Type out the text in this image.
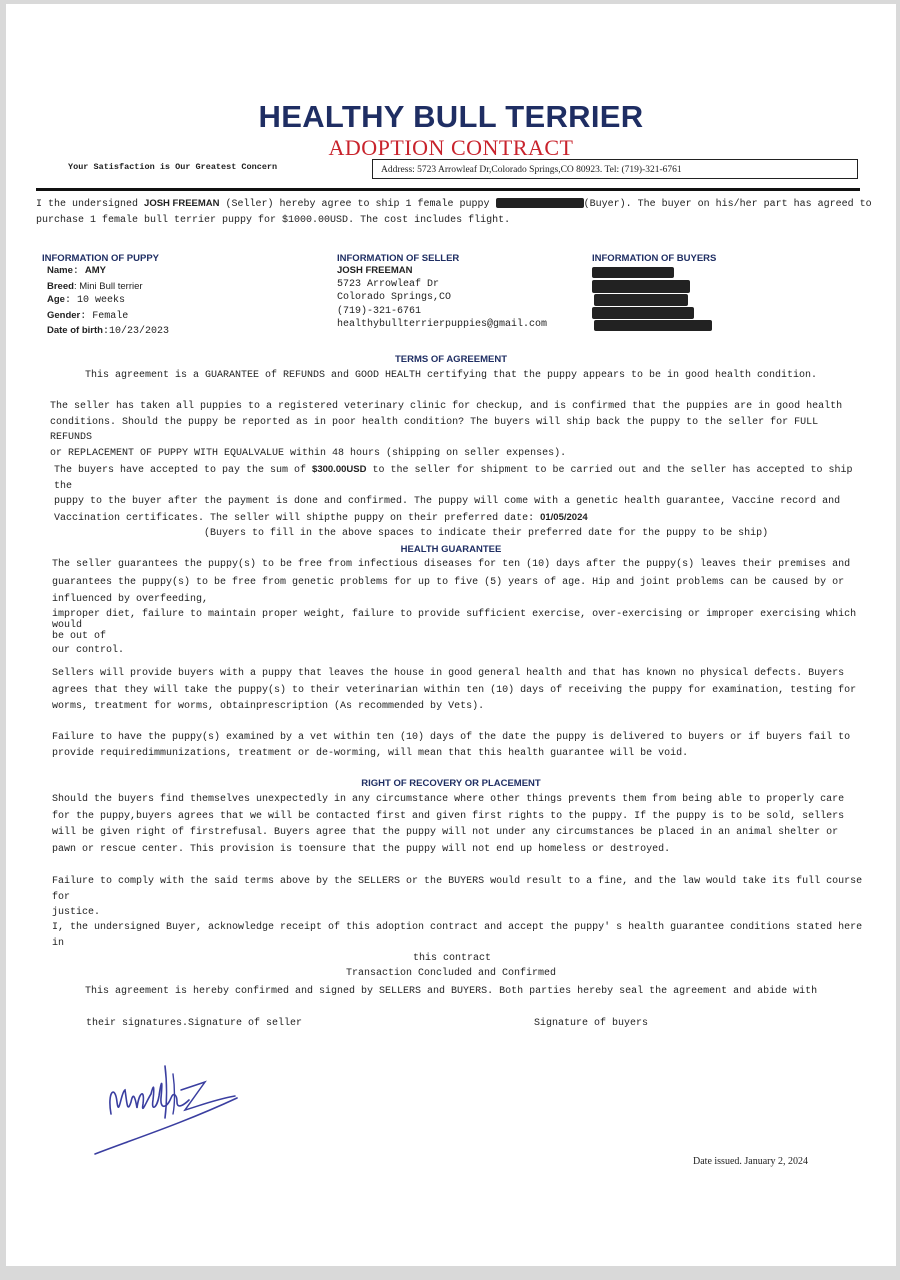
HEALTHY BULL TERRIER
ADOPTION CONTRACT
Your Satisfaction is Our Greatest Concern	Address: 5723 Arrowleaf Dr,Colorado Springs,CO 80923. Tel: (719)-321-6761
I the undersigned JOSH FREEMAN (Seller) hereby agree to ship 1 female puppy	(Buyer). The buyer on his/her part has agreed to
purchase 1 female bull terrier puppy for $1000.00USD. The cost includes flight.
INFORMATION OF PUPPY
Name: AMY
Breed: Mini Bull terrier
Age: 10 weeks
Gender: Female
Date of birth:10/23/2023
INFORMATION OF SELLER
JOSH FREEMAN
5723 Arrowleaf Dr
Colorado Springs,CO
(719)-321-6761
healthybullterrierpuppies@gmail.com
INFORMATION OF BUYERS
TERMS OF AGREEMENT
This agreement is a GUARANTEE of REFUNDS and GOOD HEALTH certifying that the puppy appears to be in good health condition.
The seller has taken all puppies to a registered veterinary clinic for checkup, and is confirmed that the puppies are in good health
conditions. Should the puppy be reported as in poor health condition? The buyers will ship back the puppy to the seller for FULL REFUNDS
or REPLACEMENT OF PUPPY WITH EQUALVALUE within 48 hours (shipping on seller expenses).
The buyers have accepted to pay the sum of $300.00USD to the seller for shipment to be carried out and the seller has accepted to ship the
puppy to the buyer after the payment is done and confirmed. The puppy will come with a genetic health guarantee, Vaccine record and
Vaccination certificates. The seller will shipthe puppy on their preferred date: 01/05/2024
(Buyers to fill in the above spaces to indicate their preferred date for the puppy to be ship)
HEALTH GUARANTEE
The seller guarantees the puppy(s) to be free from infectious diseases for ten (10) days after the puppy(s) leaves their premises and
guarantees the puppy(s) to be free from genetic problems for up to five (5) years of age. Hip and joint problems can be caused by or
influenced by overfeeding,
improper diet, failure to maintain proper weight, failure to provide sufficient exercise, over-exercising or improper exercising which would
be out of
our control.
Sellers will provide buyers with a puppy that leaves the house in good general health and that has known no physical defects. Buyers
agrees that they will take the puppy(s) to their veterinarian within ten (10) days of receiving the puppy for examination, testing for
worms, treatment for worms, obtainprescription (As recommended by Vets).
Failure to have the puppy(s) examined by a vet within ten (10) days of the date the puppy is delivered to buyers or if buyers fail to
provide requiredimmunizations, treatment or de-worming, will mean that this health guarantee will be void.
RIGHT OF RECOVERY OR PLACEMENT
Should the buyers find themselves unexpectedly in any circumstance where other things prevents them from being able to properly care
for the puppy,buyers agrees that we will be contacted first and given first rights to the puppy. If the puppy is to be sold, sellers
will be given right of firstrefusal. Buyers agree that the puppy will not under any circumstances be placed in an animal shelter or
pawn or rescue center. This provision is toensure that the puppy will not end up homeless or destroyed.
Failure to comply with the said terms above by the SELLERS or the BUYERS would result to a fine, and the law would take its full course for
justice.
I, the undersigned Buyer, acknowledge receipt of this adoption contract and accept the puppy' s health guarantee conditions stated here in
this contract
Transaction Concluded and Confirmed
This agreement is hereby confirmed and signed by SELLERS and BUYERS. Both parties hereby seal the agreement and abide with
their signatures.Signature of seller	Signature of buyers
Date issued. January 2, 2024
